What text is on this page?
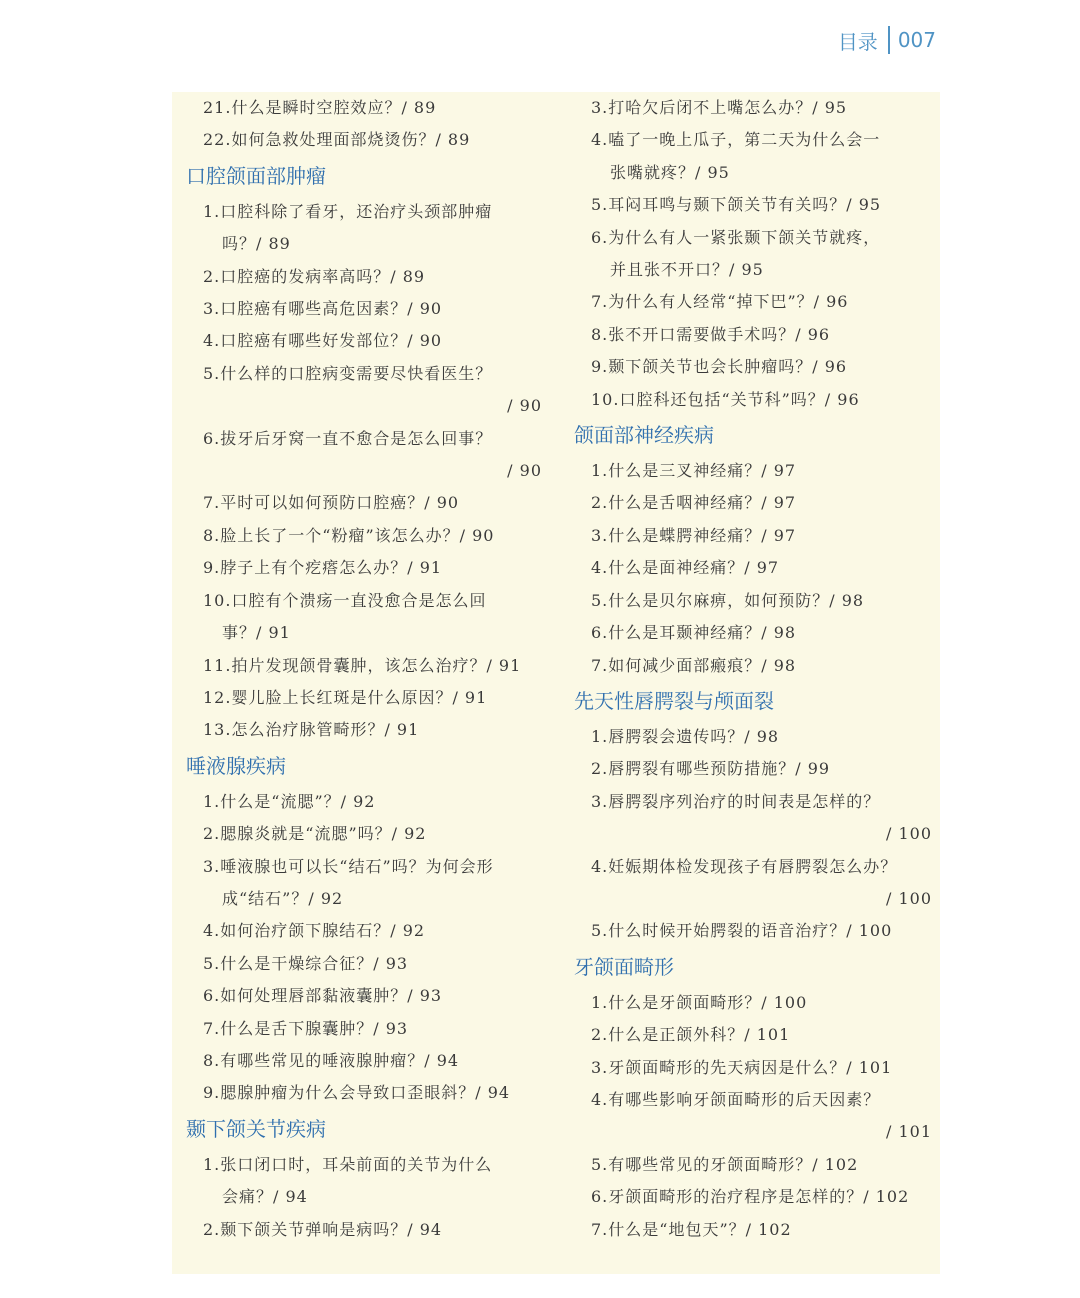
目录 007
21.什么是瞬时空腔效应？/ 89
22.如何急救处理面部烧烫伤？/ 89
口腔颌面部肿瘤
1.口腔科除了看牙，还治疗头颈部肿瘤
吗？/ 89
2.口腔癌的发病率高吗？/ 89
3.口腔癌有哪些高危因素？/ 90
4.口腔癌有哪些好发部位？/ 90
5.什么样的口腔病变需要尽快看医生？
/ 90
6.拔牙后牙窝一直不愈合是怎么回事？
/ 90
7.平时可以如何预防口腔癌？/ 90
8.脸上长了一个“粉瘤”该怎么办？/ 90
9.脖子上有个疙瘩怎么办？/ 91
10.口腔有个溃疡一直没愈合是怎么回
事？/ 91
11.拍片发现颌骨囊肿，该怎么治疗？/ 91
12.婴儿脸上长红斑是什么原因？/ 91
13.怎么治疗脉管畸形？/ 91
唾液腺疾病
1.什么是“流腮”？/ 92
2.腮腺炎就是“流腮”吗？/ 92
3.唾液腺也可以长“结石”吗？为何会形
成“结石”？/ 92
4.如何治疗颌下腺结石？/ 92
5.什么是干燥综合征？/ 93
6.如何处理唇部黏液囊肿？/ 93
7.什么是舌下腺囊肿？/ 93
8.有哪些常见的唾液腺肿瘤？/ 94
9.腮腺肿瘤为什么会导致口歪眼斜？/ 94
颞下颌关节疾病
1.张口闭口时，耳朵前面的关节为什么
会痛？/ 94
2.颞下颌关节弹响是病吗？/ 94
3.打哈欠后闭不上嘴怎么办？/ 95
4.嗑了一晚上瓜子，第二天为什么会一
张嘴就疼？/ 95
5.耳闷耳鸣与颞下颌关节有关吗？/ 95
6.为什么有人一紧张颞下颌关节就疼，
并且张不开口？/ 95
7.为什么有人经常“掉下巴”？/ 96
8.张不开口需要做手术吗？/ 96
9.颞下颌关节也会长肿瘤吗？/ 96
10.口腔科还包括“关节科”吗？/ 96
颌面部神经疾病
1.什么是三叉神经痛？/ 97
2.什么是舌咽神经痛？/ 97
3.什么是蝶腭神经痛？/ 97
4.什么是面神经痛？/ 97
5.什么是贝尔麻痹，如何预防？/ 98
6.什么是耳颞神经痛？/ 98
7.如何减少面部瘢痕？/ 98
先天性唇腭裂与颅面裂
1.唇腭裂会遗传吗？/ 98
2.唇腭裂有哪些预防措施？/ 99
3.唇腭裂序列治疗的时间表是怎样的？
/ 100
4.妊娠期体检发现孩子有唇腭裂怎么办？
/ 100
5.什么时候开始腭裂的语音治疗？/ 100
牙颌面畸形
1.什么是牙颌面畸形？/ 100
2.什么是正颌外科？/ 101
3.牙颌面畸形的先天病因是什么？/ 101
4.有哪些影响牙颌面畸形的后天因素？
/ 101
5.有哪些常见的牙颌面畸形？/ 102
6.牙颌面畸形的治疗程序是怎样的？/ 102
7.什么是“地包天”？/ 102
